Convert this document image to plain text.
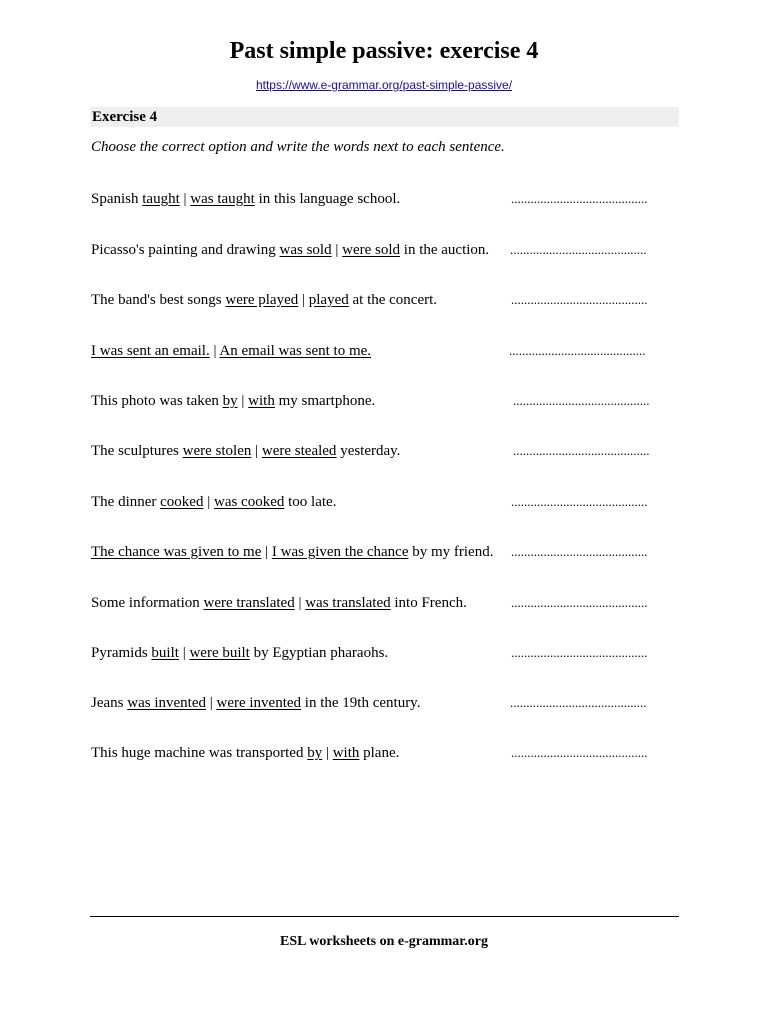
Past simple passive: exercise 4
https://www.e-grammar.org/past-simple-passive/
Exercise 4
Choose the correct option and write the words next to each sentence.
Spanish taught | was taught in this language school.	..........................................
Picasso's painting and drawing was sold | were sold in the auction. ..........................................
The band's best songs were played | played at the concert.	..........................................
I was sent an email. | An email was sent to me.	..........................................
This photo was taken by | with my smartphone.	..........................................
The sculptures were stolen | were stealed yesterday.	..........................................
The dinner cooked | was cooked too late.	..........................................
The chance was given to me | I was given the chance by my friend. ..........................................
Some information were translated | was translated into French.	..........................................
Pyramids built | were built by Egyptian pharaohs.	..........................................
Jeans was invented | were invented in the 19th century.	..........................................
This huge machine was transported by | with plane.	..........................................
ESL worksheets on e-grammar.org
